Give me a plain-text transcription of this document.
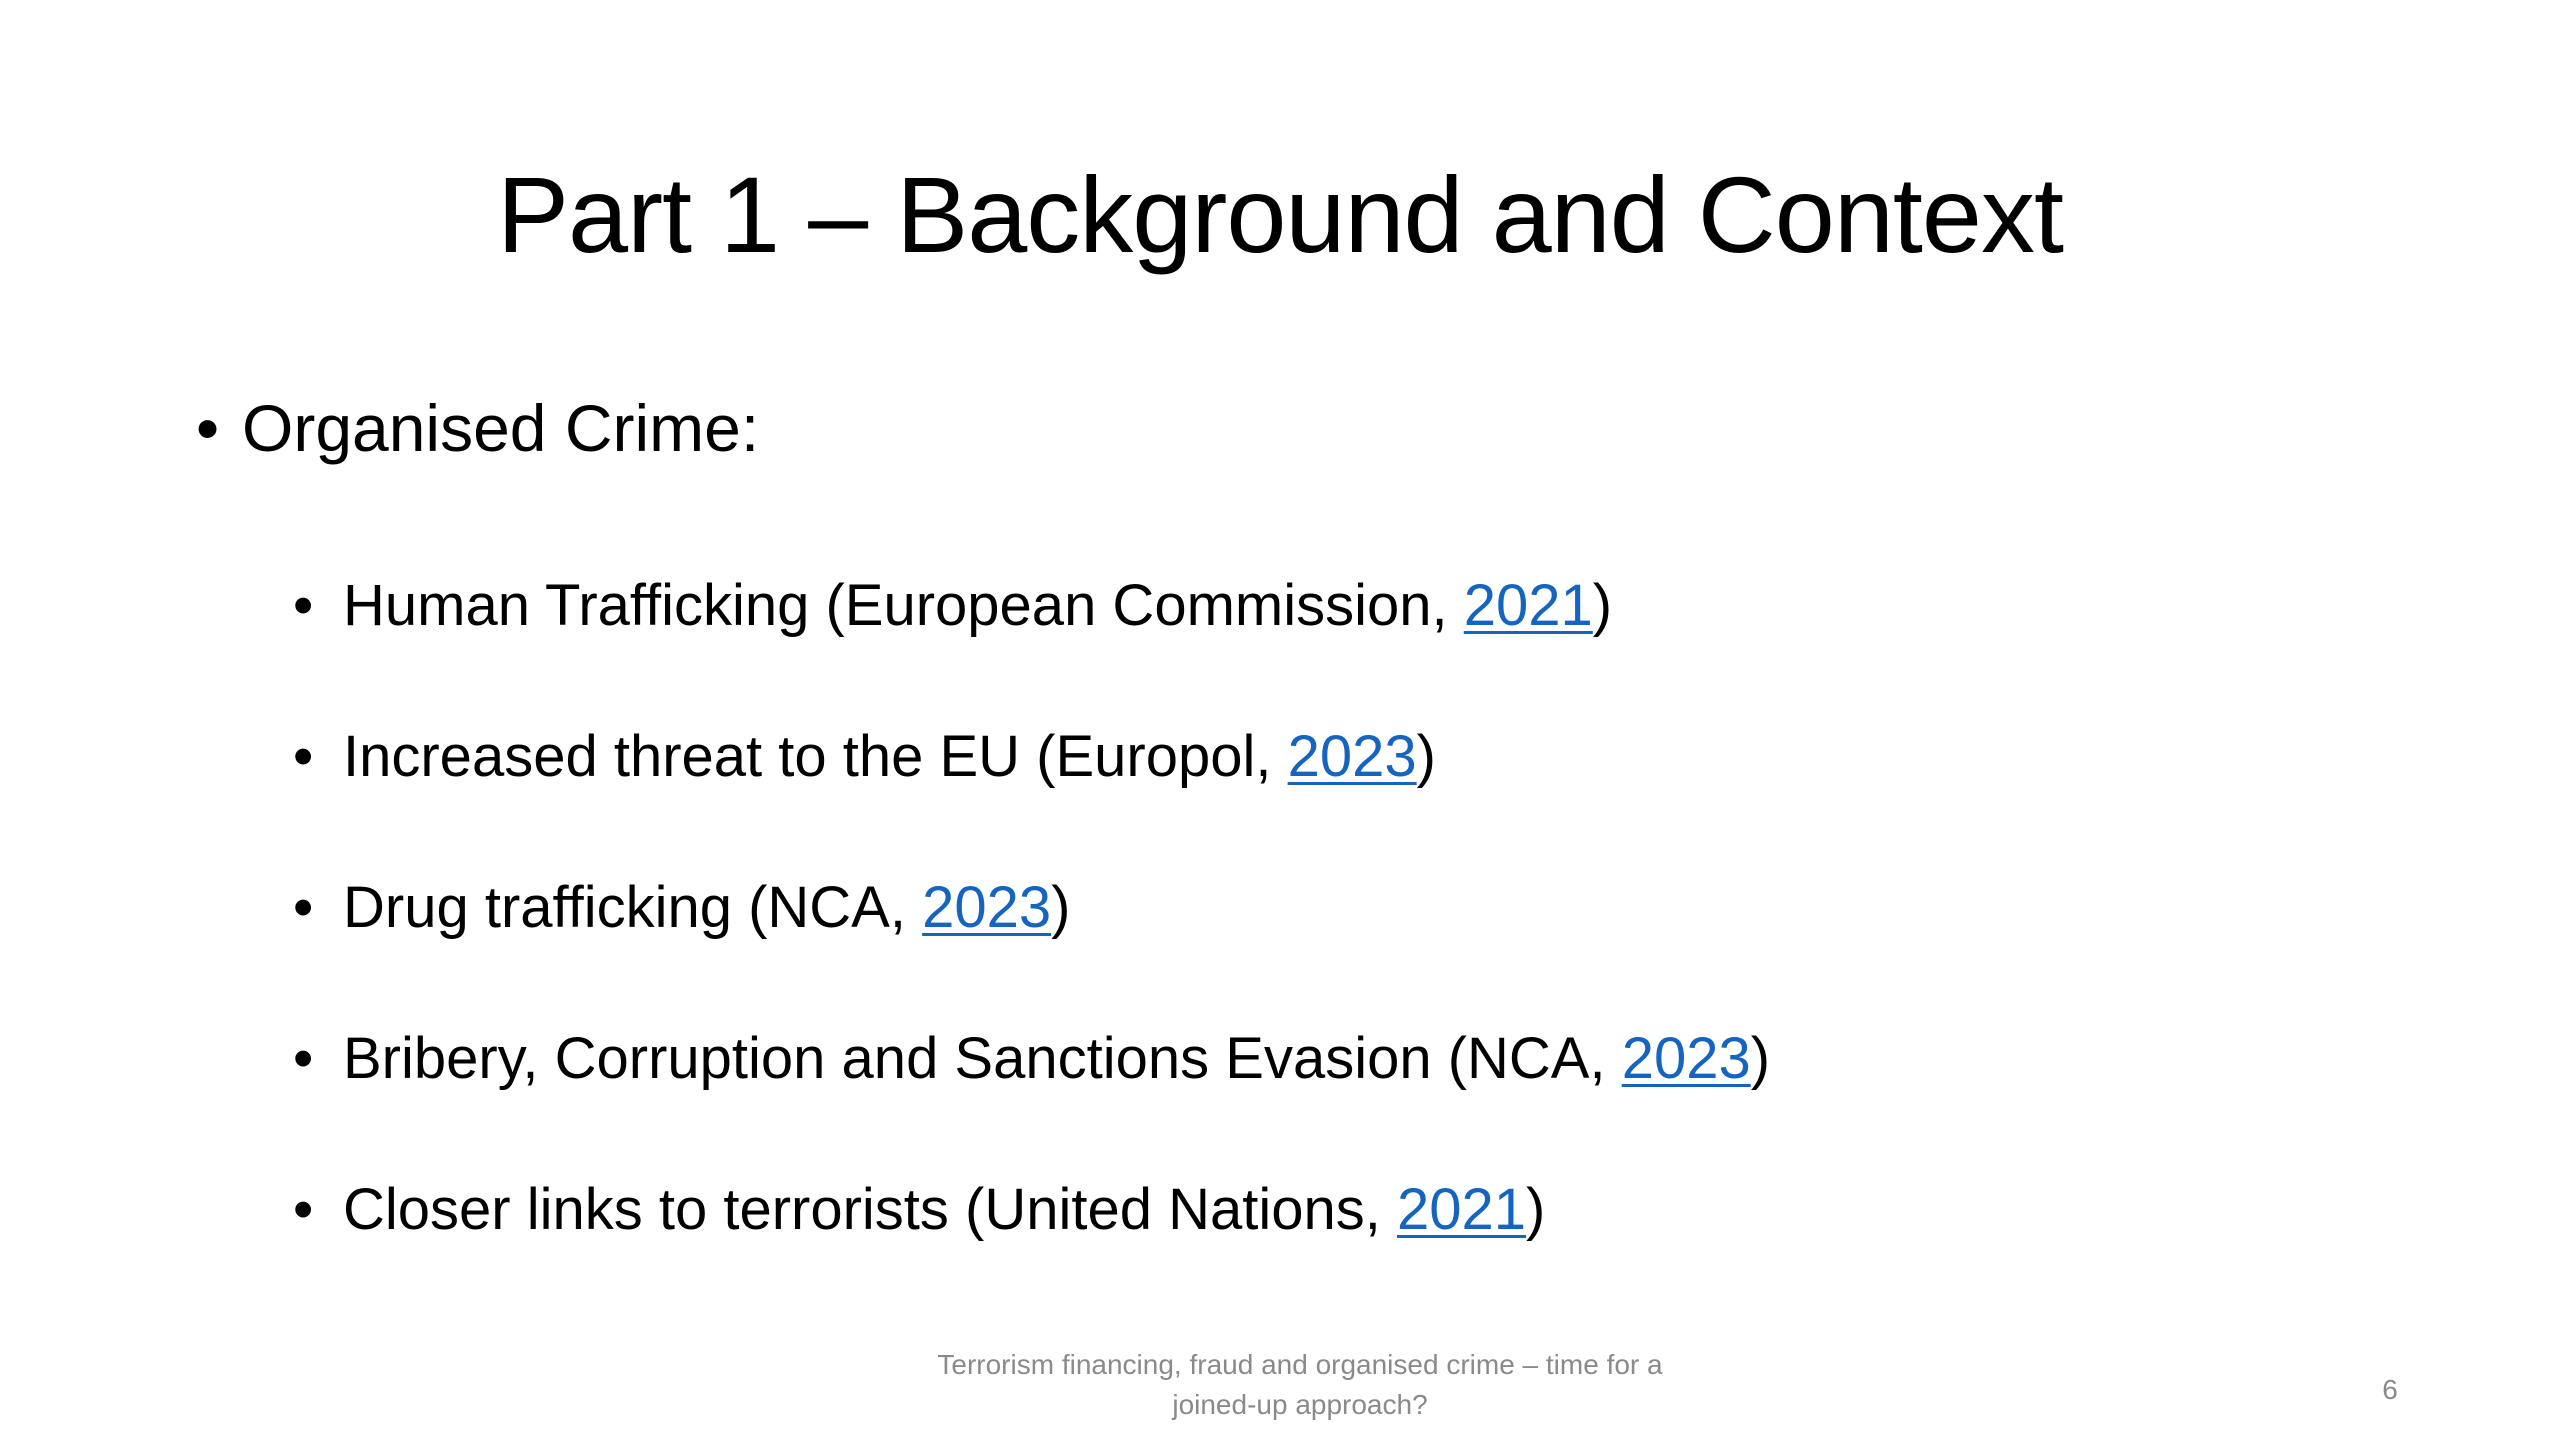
Part 1 – Background and Context
• Organised Crime:
• Human Trafficking (European Commission, 2021 )
• Increased threat to the EU (Europol, 2023 )
• Drug trafficking (NCA, 2023 )
• Bribery, Corruption and Sanctions Evasion (NCA, 2023 )
• Closer links to terrorists (United Nations, 2021 )
Terrorism financing, fraud and organised crime – time for a
joined-up approach?	6
